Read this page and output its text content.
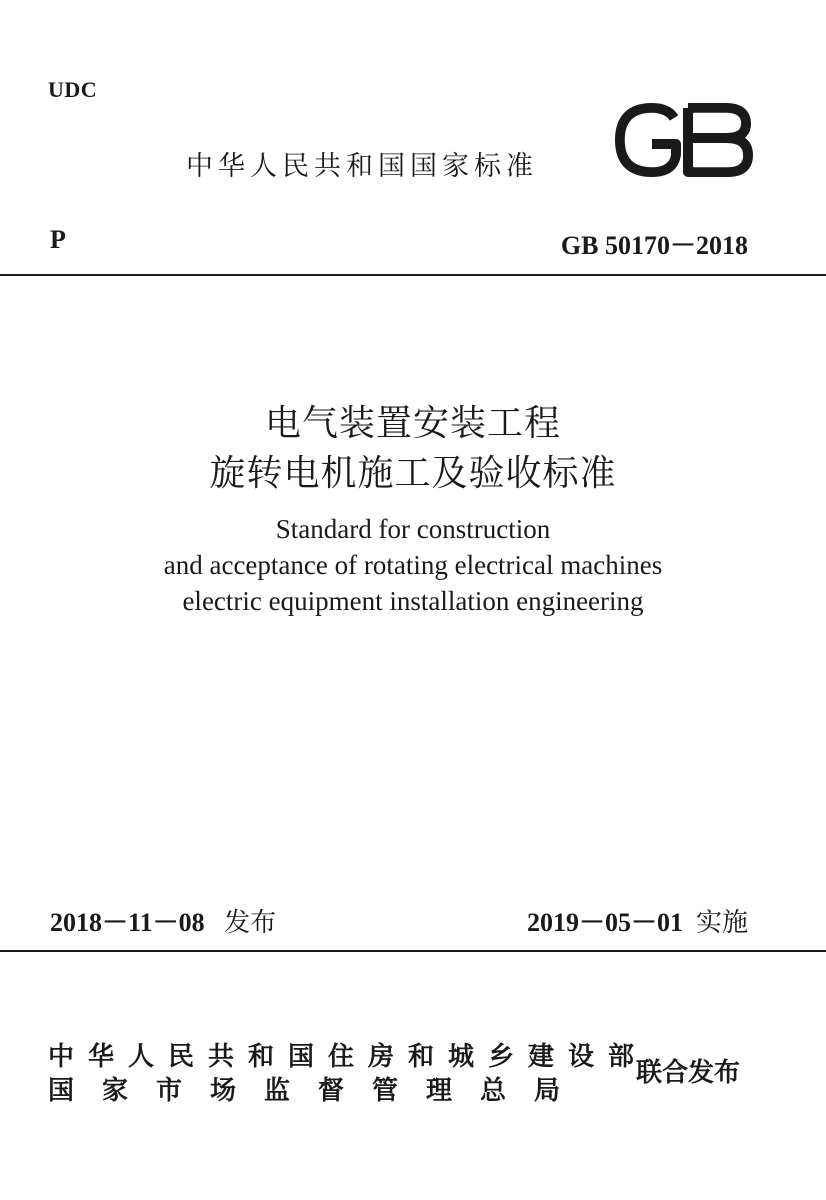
UDC
中华人民共和国国家标准
P	GB 50170－2018
电气装置安装工程
旋转电机施工及验收标准
Standard for construction
and acceptance of rotating electrical machines
electric equipment installation engineering
2018－11－08 发布	2019－05－01 实施
中华人民共和国住房和城乡建设部
国家市场监督管理总局
联合发布
